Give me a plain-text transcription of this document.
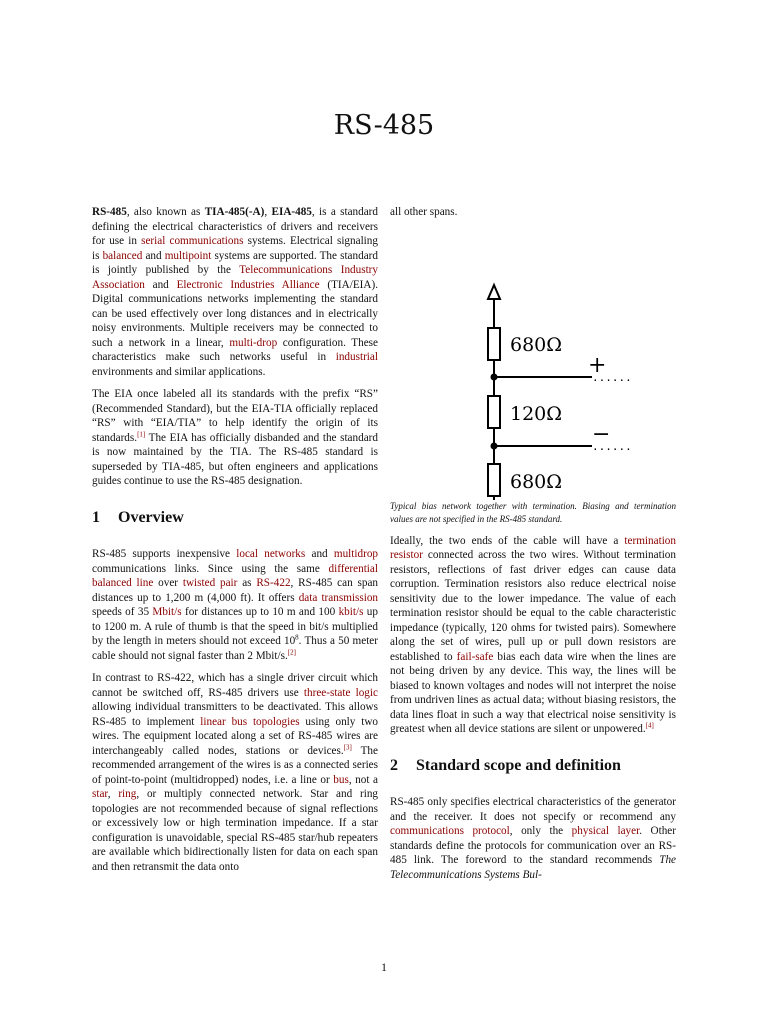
RS-485

RS-485, also known as TIA-485(-A), EIA-485, is a standard defining the electrical characteristics of drivers and receivers for use in serial communications systems. Electrical signaling is balanced and multipoint systems are supported. The standard is jointly published by the Telecommunications Industry Association and Electronic Industries Alliance (TIA/EIA). Digital communications networks implementing the standard can be used effectively over long distances and in electrically noisy environments. Multiple receivers may be connected to such a network in a linear, multi-drop configuration. These characteristics make such networks useful in industrial environments and similar applications.

The EIA once labeled all its standards with the prefix “RS” (Recommended Standard), but the EIA-TIA officially replaced “RS” with “EIA/TIA” to help identify the origin of its standards.[1] The EIA has officially disbanded and the standard is now maintained by the TIA. The RS-485 standard is superseded by TIA-485, but often engineers and applications guides continue to use the RS-485 designation.

1 Overview

RS-485 supports inexpensive local networks and multidrop communications links. Since using the same differential balanced line over twisted pair as RS-422, RS-485 can span distances up to 1,200 m (4,000 ft). It offers data transmission speeds of 35 Mbit/s for distances up to 10 m and 100 kbit/s up to 1200 m. A rule of thumb is that the speed in bit/s multiplied by the length in meters should not exceed $10^8$. Thus a 50 meter cable should not signal faster than 2 Mbit/s.[2]

In contrast to RS-422, which has a single driver circuit which cannot be switched off, RS-485 drivers use three-state logic allowing individual transmitters to be deactivated. This allows RS-485 to implement linear bus topologies using only two wires. The equipment located along a set of RS-485 wires are interchangeably called nodes, stations or devices.[3] The recommended arrangement of the wires is as a connected series of point-to-point (multidropped) nodes, i.e. a line or bus, not a star, ring, or multiply connected network. Star and ring topologies are not recommended because of signal reflections or excessively low or high termination impedance. If a star configuration is unavoidable, special RS-485 star/hub repeaters are available which bidirectionally listen for data on each span and then retransmit the data onto

all other spans.

680Ω
120Ω
680Ω
+
−
......
......

Typical bias network together with termination. Biasing and termination values are not specified in the RS-485 standard.

Ideally, the two ends of the cable will have a termination resistor connected across the two wires. Without termination resistors, reflections of fast driver edges can cause data corruption. Termination resistors also reduce electrical noise sensitivity due to the lower impedance. The value of each termination resistor should be equal to the cable characteristic impedance (typically, 120 ohms for twisted pairs). Somewhere along the set of wires, pull up or pull down resistors are established to fail-safe bias each data wire when the lines are not being driven by any device. This way, the lines will be biased to known voltages and nodes will not interpret the noise from undriven lines as actual data; without biasing resistors, the data lines float in such a way that electrical noise sensitivity is greatest when all device stations are silent or unpowered.[4]

2 Standard scope and definition

RS-485 only specifies electrical characteristics of the generator and the receiver. It does not specify or recommend any communications protocol, only the physical layer. Other standards define the protocols for communication over an RS-485 link. The foreword to the standard recommends The Telecommunications Systems Bul-

1
